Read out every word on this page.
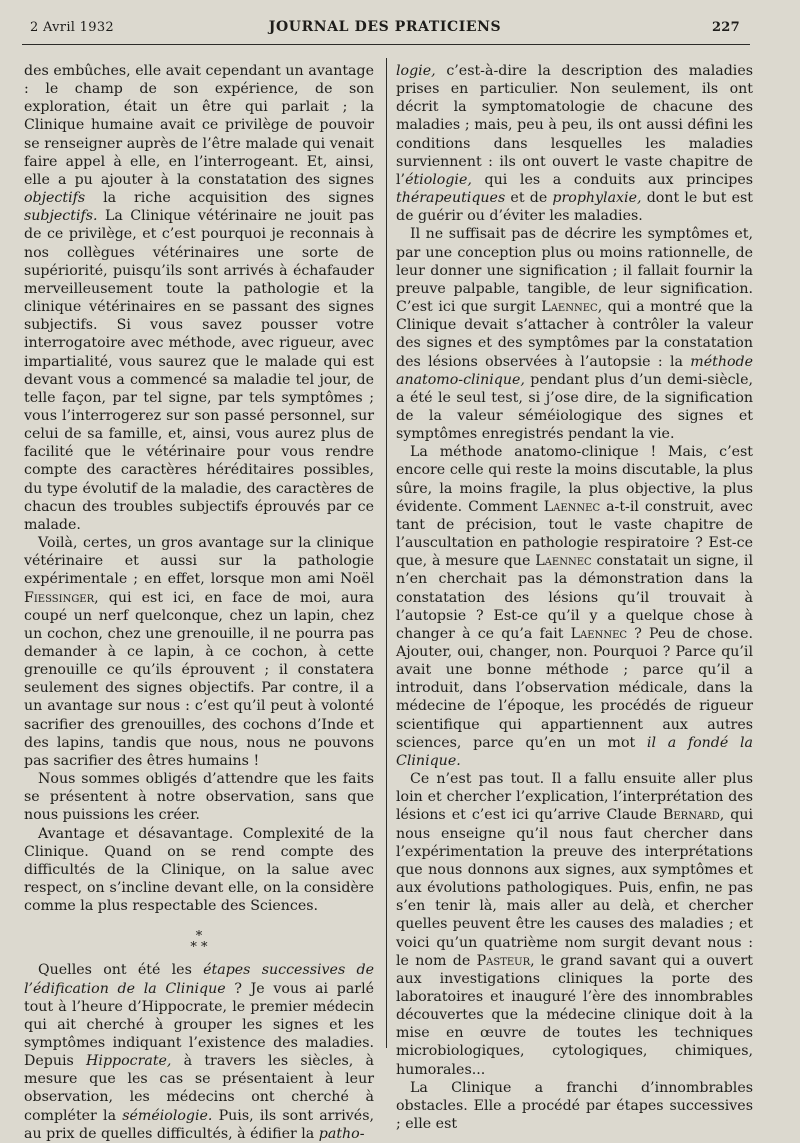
2 Avril 1932	JOURNAL DES PRATICIENS	227

des embûches, elle avait cependant un avantage : le champ de son expérience, de son exploration, était un être qui parlait ; la Clinique humaine avait ce privilège de pouvoir se renseigner auprès de l’être malade qui venait faire appel à elle, en l’interrogeant. Et, ainsi, elle a pu ajouter à la constatation des signes objectifs la riche acquisition des signes subjectifs. La Clinique vétérinaire ne jouit pas de ce privilège, et c’est pourquoi je reconnais à nos collègues vétérinaires une sorte de supériorité, puisqu’ils sont arrivés à échafauder merveilleusement toute la pathologie et la clinique vétérinaires en se passant des signes subjectifs. Si vous savez pousser votre interrogatoire avec méthode, avec rigueur, avec impartialité, vous saurez que le malade qui est devant vous a commencé sa maladie tel jour, de telle façon, par tel signe, par tels symptômes ; vous l’interrogerez sur son passé personnel, sur celui de sa famille, et, ainsi, vous aurez plus de facilité que le vétérinaire pour vous rendre compte des caractères héréditaires possibles, du type évolutif de la maladie, des caractères de chacun des troubles subjectifs éprouvés par ce malade.

Voilà, certes, un gros avantage sur la clinique vétérinaire et aussi sur la pathologie expérimentale ; en effet, lorsque mon ami Noël Fiessinger, qui est ici, en face de moi, aura coupé un nerf quelconque, chez un lapin, chez un cochon, chez une grenouille, il ne pourra pas demander à ce lapin, à ce cochon, à cette grenouille ce qu’ils éprouvent ; il constatera seulement des signes objectifs. Par contre, il a un avantage sur nous : c’est qu’il peut à volonté sacrifier des grenouilles, des cochons d’Inde et des lapins, tandis que nous, nous ne pouvons pas sacrifier des êtres humains !

Nous sommes obligés d’attendre que les faits se présentent à notre observation, sans que nous puissions les créer.

Avantage et désavantage. Complexité de la Clinique. Quand on se rend compte des difficultés de la Clinique, on la salue avec respect, on s’incline devant elle, on la considère comme la plus respectable des Sciences.

*
* *

Quelles ont été les étapes successives de l’édification de la Clinique ? Je vous ai parlé tout à l’heure d’Hippocrate, le premier médecin qui ait cherché à grouper les signes et les symptômes indiquant l’existence des maladies. Depuis Hippocrate, à travers les siècles, à mesure que les cas se présentaient à leur observation, les médecins ont cherché à compléter la séméiologie. Puis, ils sont arrivés, au prix de quelles difficultés, à édifier la patho-

logie, c’est-à-dire la description des maladies prises en particulier. Non seulement, ils ont décrit la symptomatologie de chacune des maladies ; mais, peu à peu, ils ont aussi défini les conditions dans lesquelles les maladies surviennent : ils ont ouvert le vaste chapitre de l’étiologie, qui les a conduits aux principes thérapeutiques et de prophylaxie, dont le but est de guérir ou d’éviter les maladies.

Il ne suffisait pas de décrire les symptômes et, par une conception plus ou moins rationnelle, de leur donner une signification ; il fallait fournir la preuve palpable, tangible, de leur signification. C’est ici que surgit Laennec, qui a montré que la Clinique devait s’attacher à contrôler la valeur des signes et des symptômes par la constatation des lésions observées à l’autopsie : la méthode anatomo-clinique, pendant plus d’un demi-siècle, a été le seul test, si j’ose dire, de la signification de la valeur séméiologique des signes et symptômes enregistrés pendant la vie.

La méthode anatomo-clinique ! Mais, c’est encore celle qui reste la moins discutable, la plus sûre, la moins fragile, la plus objective, la plus évidente. Comment Laennec a-t-il construit, avec tant de précision, tout le vaste chapitre de l’auscultation en pathologie respiratoire ? Est-ce que, à mesure que Laennec constatait un signe, il n’en cherchait pas la démonstration dans la constatation des lésions qu’il trouvait à l’autopsie ? Est-ce qu’il y a quelque chose à changer à ce qu’a fait Laennec ? Peu de chose. Ajouter, oui, changer, non. Pourquoi ? Parce qu’il avait une bonne méthode ; parce qu’il a introduit, dans l’observation médicale, dans la médecine de l’époque, les procédés de rigueur scientifique qui appartiennent aux autres sciences, parce qu’en un mot il a fondé la Clinique.

Ce n’est pas tout. Il a fallu ensuite aller plus loin et chercher l’explication, l’interprétation des lésions et c’est ici qu’arrive Claude Bernard, qui nous enseigne qu’il nous faut chercher dans l’expérimentation la preuve des interprétations que nous donnons aux signes, aux symptômes et aux évolutions pathologiques. Puis, enfin, ne pas s’en tenir là, mais aller au delà, et chercher quelles peuvent être les causes des maladies ; et voici qu’un quatrième nom surgit devant nous : le nom de Pasteur, le grand savant qui a ouvert aux investigations cliniques la porte des laboratoires et inauguré l’ère des innombrables découvertes que la médecine clinique doit à la mise en œuvre de toutes les techniques microbiologiques, cytologiques, chimiques, humorales...

La Clinique a franchi d’innombrables obstacles. Elle a procédé par étapes successives ; elle est
